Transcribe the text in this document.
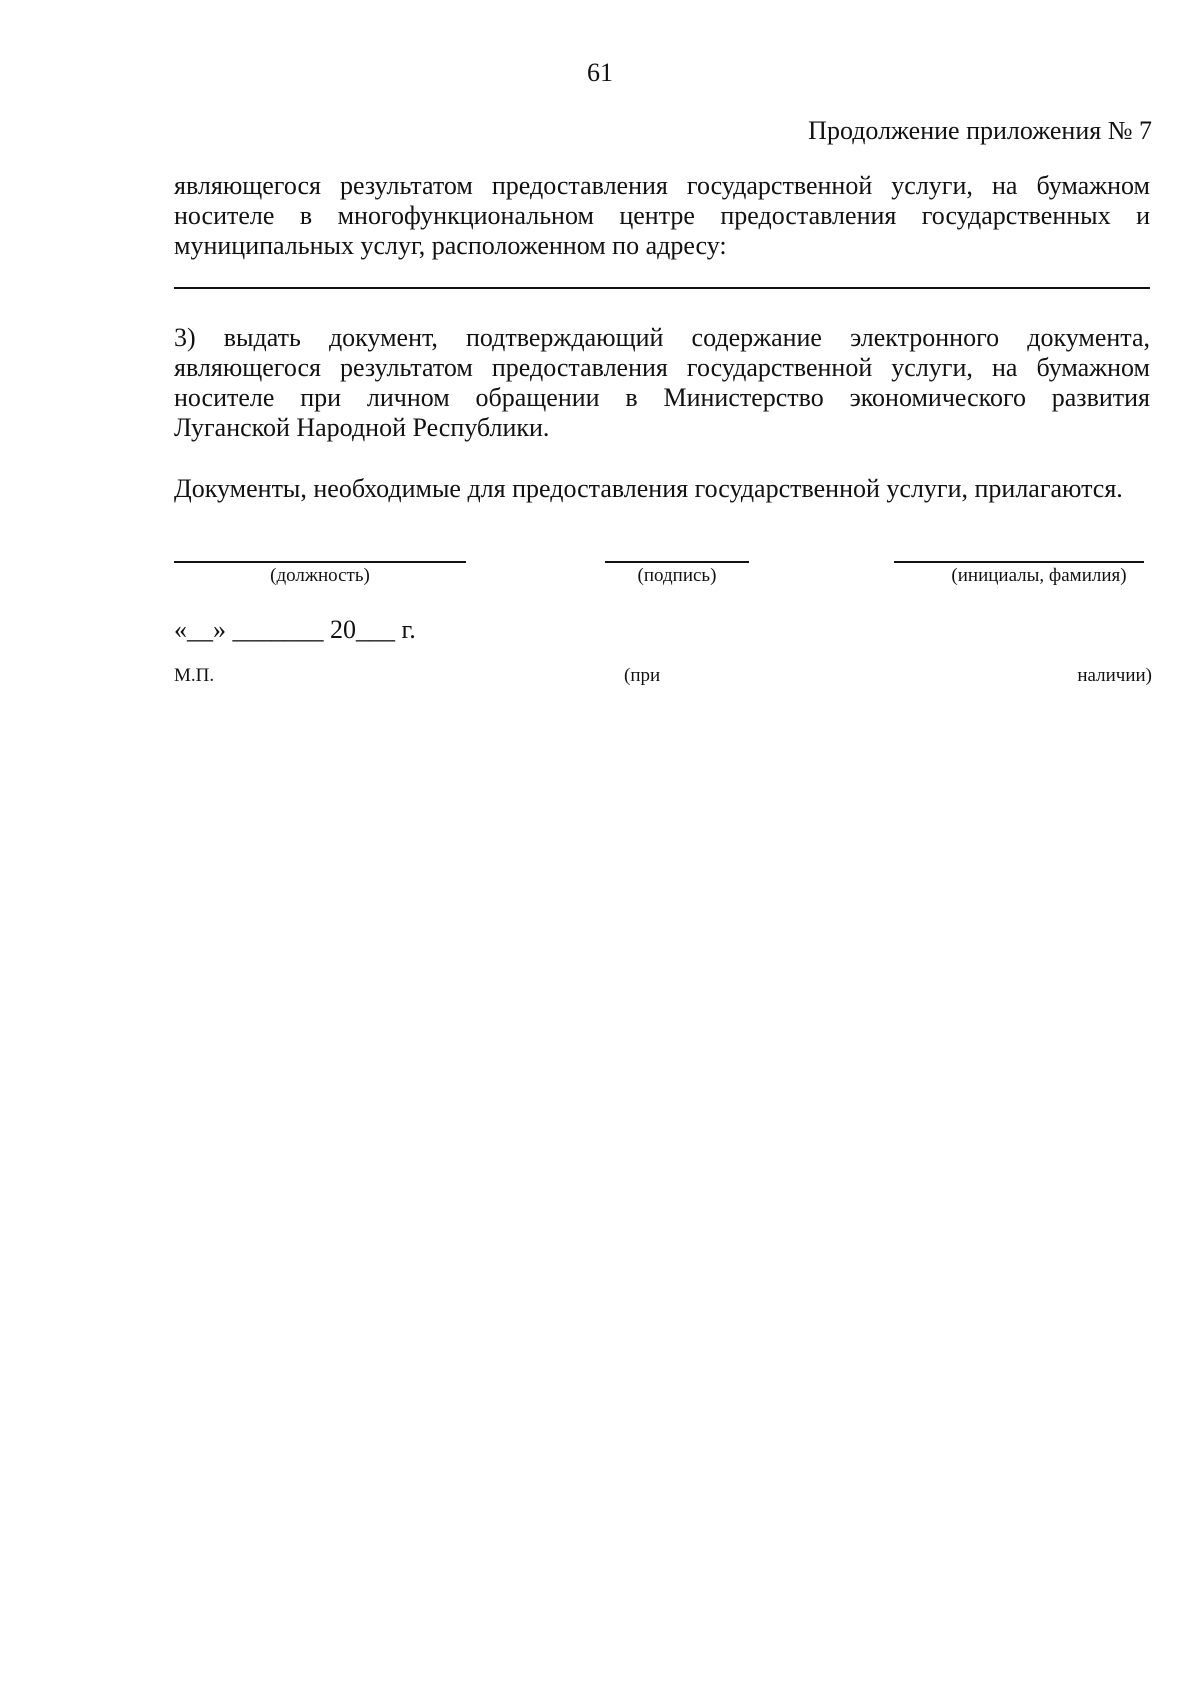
61
Продолжение приложения № 7
являющегося результатом предоставления государственной услуги, на бумажном
носителе в многофункциональном центре предоставления государственных и
муниципальных услуг, расположенном по адресу:
3) выдать документ, подтверждающий содержание электронного документа,
являющегося результатом предоставления государственной услуги, на бумажном
носителе при личном обращении в Министерство экономического развития
Луганской Народной Республики.
Документы, необходимые для предоставления государственной услуги, прилагаются.
(должность)	(подпись)	(инициалы, фамилия)
«__» _______ 20___ г.
М.П.	(при	наличии)
